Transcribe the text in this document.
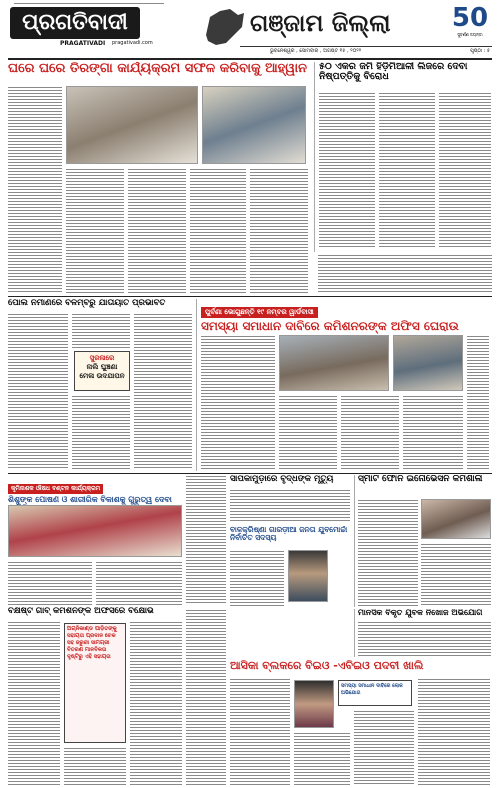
ପ୍ରଗତିବାଦୀ
PRAGATIVADI pragativadi.com
ଗଞ୍ଜାମ ଜିଲ୍ଲା	50
ସୁବର୍ଣ୍ଣ ଜୟନ୍ତୀ
ଭୁବନେଶ୍ୱର , ସୋମବାର , ଅଗଷ୍ଟ ୧୫ , ୨୦୨୨	ପୃଷ୍ଠା : ୫
ଘରେ ଘରେ ତିରଙ୍ଗା କାର୍ଯ୍ୟକ୍ରମ ସଫଳ କରିବାକୁ ଆହ୍ୱାନ ୫୦ ଏକର ଜମି ହିଡ଼ିମିଆଳୀ ଲିଜରେ ଦେବା ନିଷ୍ପତ୍ତିକୁ ବିରୋଧ
ପୋଲ ନିର୍ମାଣରେ ବିଳମ୍ବରୁ ଯାତାୟାତ ପ୍ରଭାବିତ
ସୁରଳାରେ
ନାଲି ଘୁଞ୍ଚଣା
ମେଳା ଉଦଯାପନ
ପୁର୍ବଣା ଭୋଗୁଛନ୍ତି ୧୯ ନମ୍ବର ୱାର୍ଡବାସୀ
ସମସ୍ୟା ସମାଧାନ ଦାବିରେ କମିଶନରଙ୍କ ଅଫିସ ଘେରାଉ
କୃମିନାଶକ ଔଷଧ ବଣ୍ଟନ କାର୍ଯ୍ୟକ୍ରମ
ଶିଶୁଙ୍କ ପୋଷଣ ଓ ଶାରୀରିକ ବିକାଶକୁ ଗୁରୁତ୍ୱ ଦେବା
ସାପକାମୁଡ଼ାରେ ବୃଦ୍ଧଙ୍କ ମୃତ୍ୟୁ	ସ୍ମାର୍ଟ ଫୋନ ଇନୋଭେସନ କର୍ମଶାଳା
ବାଳକ୍ରିଷ୍ଣା ଗାରଡ଼ୀଆ ଜନତା ଯୁବମୋର୍ଚ୍ଚା ନିର୍ବାଚିତ ସଦସ୍ୟ
ମାନସିକ ବିକୃତ ଯୁବକ ନିଖୋଜ ଅଭିଯୋଗ
ବିକ୍ଷିଷ୍ଟ ଗାଁବ୍ କମିଶନଙ୍କ ଅଫିସରେ ବିକ୍ଷୋଭ
ଅଗ୍ନିକାଣ୍ଡ ପୀଡ଼ିତଙ୍କୁ ସହାୟତା ପ୍ରଦାନ ଚେକ ସହ ଜରୁରୀ ସାମଗ୍ରୀ ବିତରଣ ମାନବିକତା ଦୃଷ୍ଟିରୁ ଏହି ସହାୟତା
ଆସିକା ବ୍ଲକରେ ବିଇଓ -ଏବିଇଓ ପଦବୀ ଖାଲି
ସମସ୍ୟା ସମାଧାନ ଦାବିରେ ଲୋକ ଅଭିଯୋଗ
